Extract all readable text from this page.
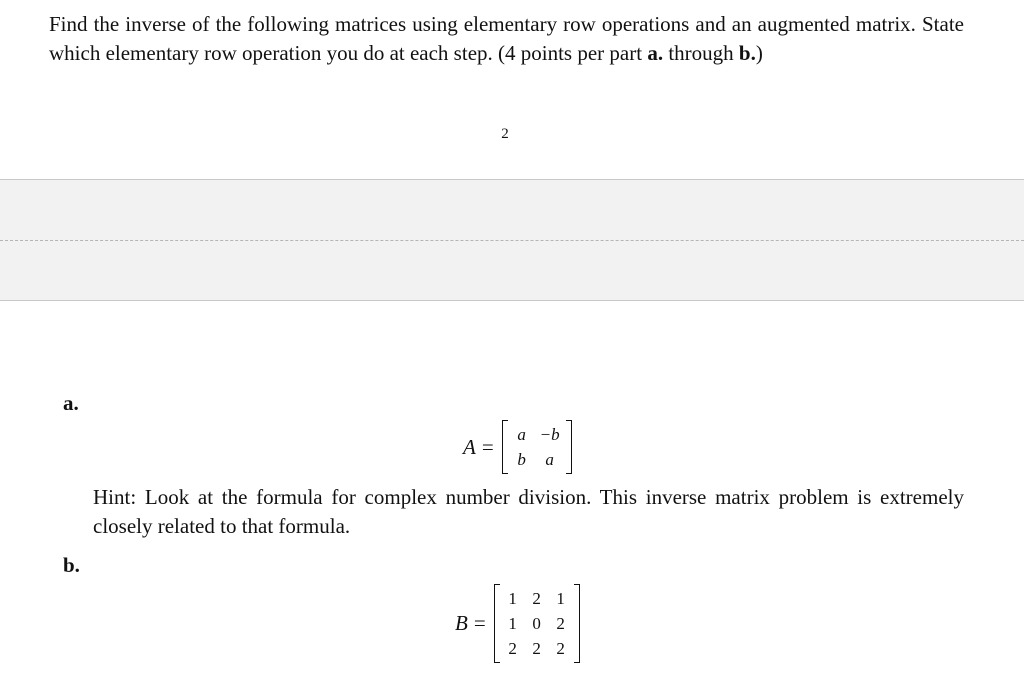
Find the inverse of the following matrices using elementary row operations and an augmented matrix. State which elementary row operation you do at each step. (4 points per part a. through b.)

2
a.
A =
a −b
b	a

Hint: Look at the formula for complex number division. This inverse matrix problem is extremely closely related to that formula.

b.
B =
1 2 1
1 0 2
2 2 2
